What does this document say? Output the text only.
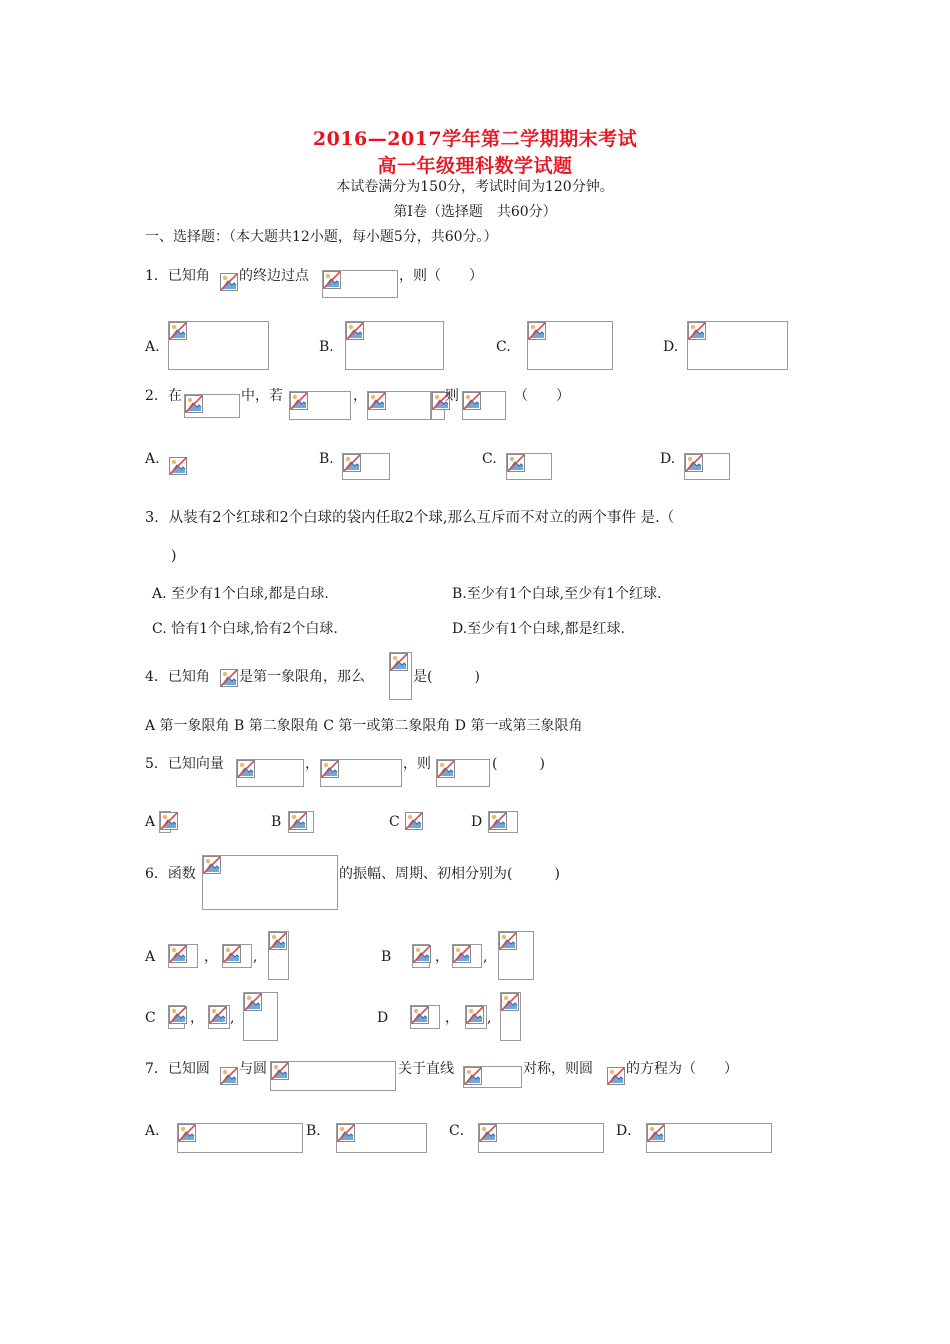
2016—2017学年第二学期期末考试
高一年级理科数学试题
本试卷满分为150分，考试时间为120分钟。
第I卷（选择题　共60分）
一、选择题：（本大题共12小题，每小题5分，共60分。）
1．已知角 的终边过点	，则（　　）
A.	B.	C.	D.
2．在	中，若	，	则	（　　）
A.	B.	C.	D.
3．从装有2个红球和2个白球的袋内任取2个球,那么互斥而不对立的两个事件 是.（
)
A. 至少有1个白球,都是白球.	B.至少有1个白球,至少有1个红球.
C. 恰有1个白球,恰有2个白球.	D.至少有1个白球,都是红球.
4．已知角 是第一象限角，那么	是(　　　)
A 第一象限角 B 第二象限角 C 第一或第二象限角 D 第一或第三象限角
5．已知向量	，	，则	(　　　)
A	B	C	D
6．函数	的振幅、周期、初相分别为(　　　)
A	，	,	B	， ,
C ， ,	D	， ,
7．已知圆 与圆	关于直线	对称，则圆 的方程为（　　）
A．	B．	C．	D．
